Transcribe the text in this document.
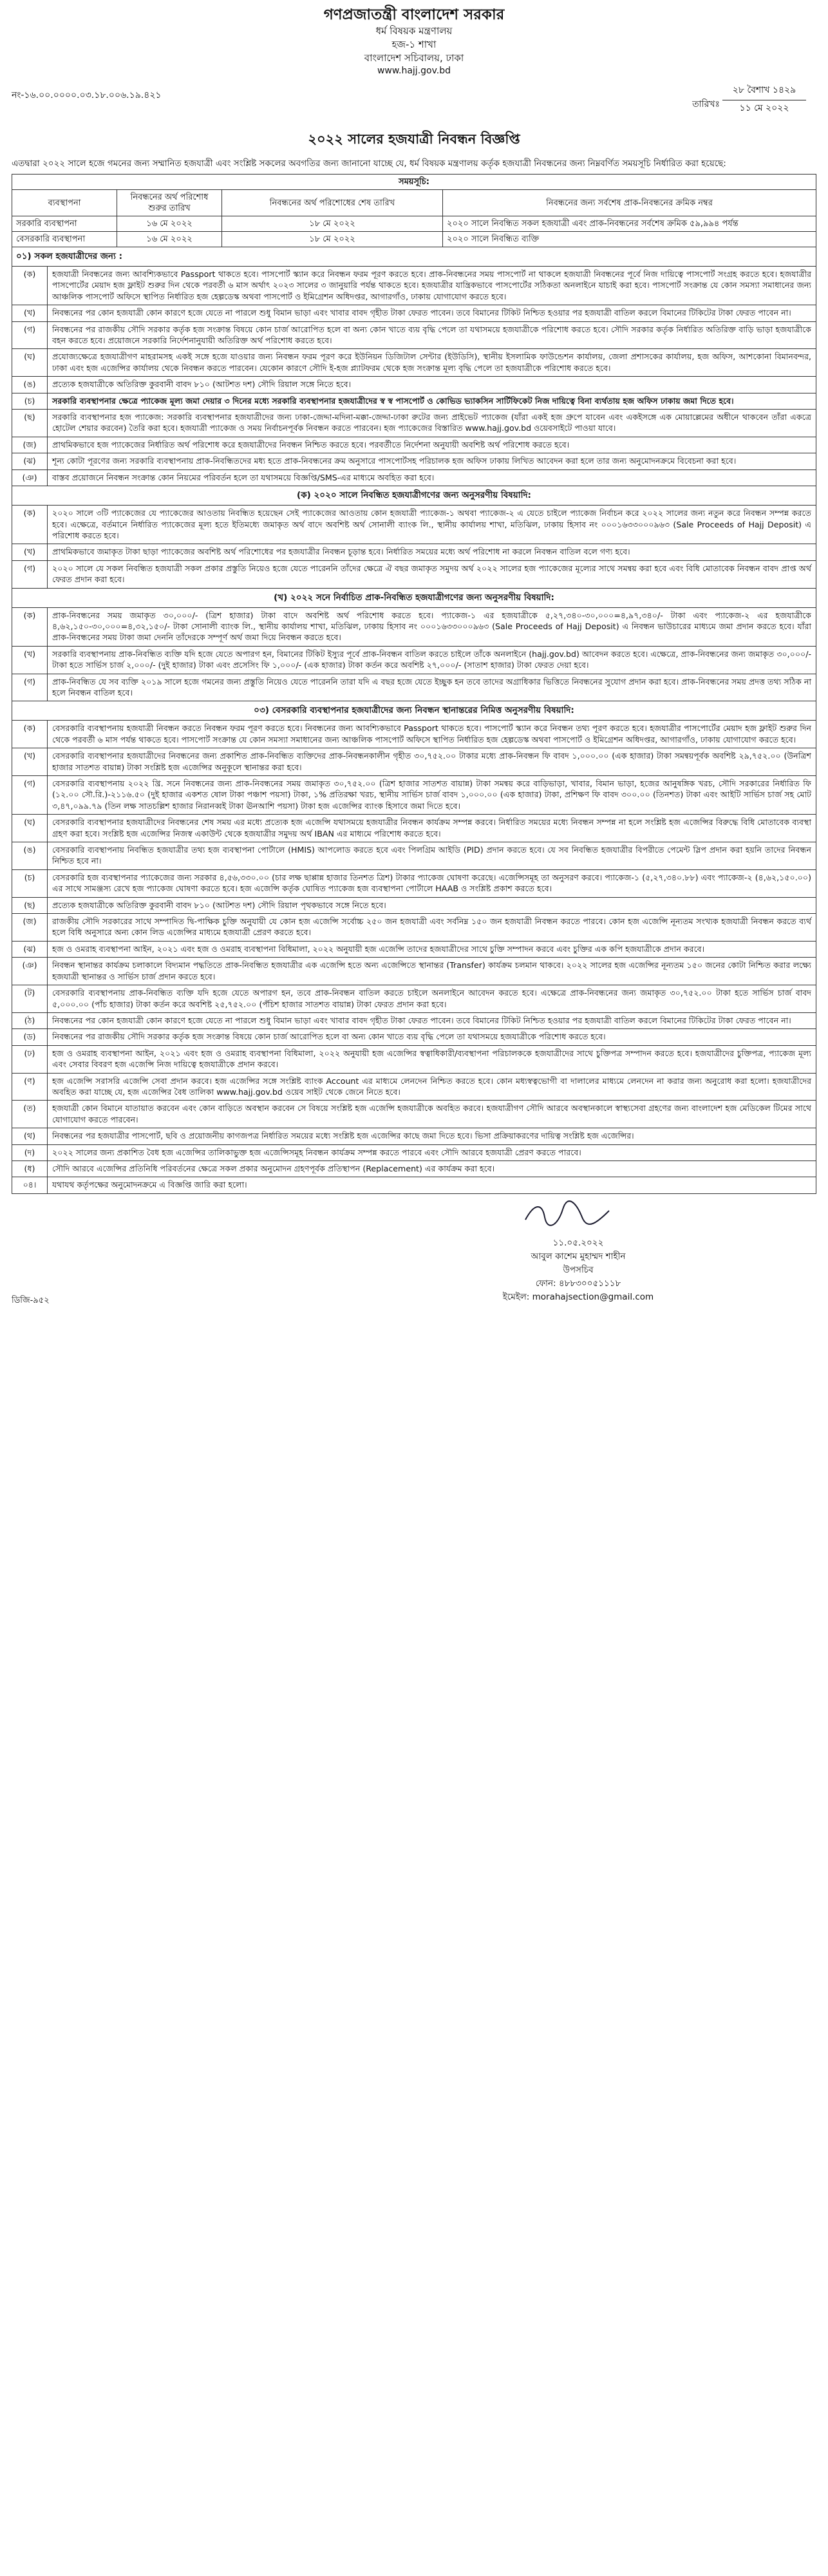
গণপ্রজাতন্ত্রী বাংলাদেশ সরকার
ধর্ম বিষয়ক মন্ত্রণালয়
হজ-১ শাখা
বাংলাদেশ সচিবালয়, ঢাকা
www.hajj.gov.bd
নং-১৬.০০.০০০০.০৩.১৮.০০৬.১৯.৪২১
তারিখঃ
২৮ বৈশাখ ১৪২৯
১১ মে ২০২২
২০২২ সালের হজযাত্রী নিবন্ধন বিজ্ঞপ্তি
এতদ্বারা ২০২২ সালে হজে গমনের জন্য সম্মানিত হজযাত্রী এবং সংশ্লিষ্ট সকলের অবগতির জন্য জানানো যাচ্ছে যে, ধর্ম বিষয়ক মন্ত্রণালয় কর্তৃক হজযাত্রী নিবন্ধনের জন্য নিম্নবর্ণিত সময়সূচি নির্ধারিত করা হয়েছে:
সময়সূচি:			
ব্যবস্থাপনা	নিবন্ধনের অর্থ পরিশোধ শুরুর তারিখ	নিবন্ধনের অর্থ পরিশোধের শেষ তারিখ	নিবন্ধনের জন্য সর্বশেষ প্রাক-নিবন্ধনের ক্রমিক নম্বর
সরকারি ব্যবস্থাপনা	১৬ মে ২০২২	১৮ মে ২০২২	২০২০ সালে নিবন্ধিত সকল হজযাত্রী এবং প্রাক-নিবন্ধনের সর্বশেষ ক্রমিক ৫৯,৯৯৪ পর্যন্ত
বেসরকারি ব্যবস্থাপনা	১৬ মে ২০২২	১৮ মে ২০২২	২০২০ সালে নিবন্ধিত ব্যক্তি
০১) সকল হজযাত্রীদের জন্য :
(ক)	হজযাত্রী নিবন্ধনের জন্য আবশ্যিকভাবে Passport থাকতে হবে। পাসপোর্ট স্ক্যান করে নিবন্ধন ফরম পূরণ করতে হবে। প্রাক-নিবন্ধনের সময় পাসপোর্ট না থাকলে হজযাত্রী নিবন্ধনের পূর্বে নিজ দায়িত্বে পাসপোর্ট সংগ্রহ করতে হবে। হজযাত্রীর পাসপোর্টের মেয়াদ হজ ফ্লাইট শুরুর দিন থেকে পরবর্তী ৬ মাস অর্থাৎ ২০২৩ সালের ৩ জানুয়ারি পর্যন্ত থাকতে হবে। হজযাত্রীর যান্ত্রিকভাবে পাসপোর্টের সঠিকতা অনলাইনে যাচাই করা হবে। পাসপোর্ট সংক্রান্ত যে কোন সমস্যা সমাধানের জন্য আঞ্চলিক পাসপোর্ট অফিসে স্থাপিত নির্ধারিত হজ হেল্পডেস্ক অথবা পাসপোর্ট ও ইমিগ্রেশন অধিদপ্তর, আগারগাঁও, ঢাকায় যোগাযোগ করতে হবে।
(খ)	নিবন্ধনের পর কোন হজযাত্রী কোন কারণে হজে যেতে না পারলে শুধু বিমান ভাড়া এবং খাবার বাবদ গৃহীত টাকা ফেরত পাবেন। তবে বিমানের টিকিট নিশ্চিত হওয়ার পর হজযাত্রী বাতিল করলে বিমানের টিকিটের টাকা ফেরত পাবেন না।
(গ)	নিবন্ধনের পর রাজকীয় সৌদি সরকার কর্তৃক হজ সংক্রান্ত বিষয়ে কোন চার্জ আরোপিত হলে বা অন্য কোন খাতে ব্যয় বৃদ্ধি পেলে তা যথাসময়ে হজযাত্রীকে পরিশোধ করতে হবে। সৌদি সরকার কর্তৃক নির্ধারিত অতিরিক্ত বাড়ি ভাড়া হজযাত্রীকে বহন করতে হবে। প্রয়োজনে সরকারি নির্দেশনানুযায়ী অতিরিক্ত অর্থ পরিশোধ করতে হবে।
(ঘ)	প্রযোজ্যক্ষেত্রে হজযাত্রীগণ মাহরামসহ একই সঙ্গে হজে যাওয়ার জন্য নিবন্ধন ফরম পূরণ করে ইউনিয়ন ডিজিটাল সেন্টার (ইউডিসি), স্থানীয় ইসলামিক ফাউন্ডেশন কার্যালয়, জেলা প্রশাসকের কার্যালয়, হজ অফিস, আশকোনা বিমানবন্দর, ঢাকা এবং হজ এজেন্সির কার্যালয় থেকে নিবন্ধন করতে পারবেন। যেকোন কারণে সৌদি ই-হজ প্ল্যাটফরম থেকে হজ সংক্রান্ত মূল্য বৃদ্ধি পেলে তা হজযাত্রীকে পরিশোধ করতে হবে।
(ঙ)	প্রত্যেক হজযাত্রীকে অতিরিক্ত কুরবানী বাবদ ৮১০ (আটশত দশ) সৌদি রিয়াল সঙ্গে নিতে হবে।
(চ)	সরকারি ব্যবস্থাপনার ক্ষেত্রে প্যাকেজ মূল্য জমা দেয়ার ৩ দিনের মধ্যে সরকারি ব্যবস্থাপনার হজযাত্রীদের স্ব স্ব পাসপোর্ট ও কোভিড ভ্যাকসিন সার্টিফিকেট নিজ দায়িত্বে বিনা ব্যর্থতায় হজ অফিস ঢাকায় জমা দিতে হবে।
(ছ)	সরকারি ব্যবস্থাপনার হজ প্যাকেজ: সরকারি ব্যবস্থাপনার হজযাত্রীদের জন্য ঢাকা-জেদ্দা-মদিনা-মক্কা-জেদ্দা-ঢাকা রুটের জন্য প্রাইভেট প্যাকেজ (যাঁরা একই হজ গ্রুপে যাবেন এবং একইসঙ্গে এক মোয়াল্লেমের অধীনে থাকবেন তাঁরা একত্রে হোটেল শেয়ার করবেন) তৈরি করা হবে। হজযাত্রী প্যাকেজ ও সময় নির্বাচনপূর্বক নিবন্ধন করতে পারবেন। হজ প্যাকেজের বিস্তারিত www.hajj.gov.bd ওয়েবসাইটে পাওয়া যাবে।
(জ)	প্রাথমিকভাবে হজ প্যাকেজের নির্ধারিত অর্থ পরিশোধ করে হজযাত্রীদের নিবন্ধন নিশ্চিত করতে হবে। পরবর্তীতে নির্দেশনা অনুযায়ী অবশিষ্ট অর্থ পরিশোধ করতে হবে।
(ঝ)	শূন্য কোটা পূরণের জন্য সরকারি ব্যবস্থাপনায় প্রাক-নিবন্ধিতদের মধ্য হতে প্রাক-নিবন্ধনের ক্রম অনুসারে পাসপোর্টসহ পরিচালক হজ অফিস ঢাকায় লিখিত আবেদন করা হলে তার জন্য অনুমোদনক্রমে বিবেচনা করা হবে।
(ঞ)	বাস্তব প্রয়োজনে নিবন্ধন সংক্রান্ত কোন নিয়মের পরিবর্তন হলে তা যথাসময়ে বিজ্ঞপ্তি/SMS-এর মাধ্যমে অবহিত করা হবে।
(ক) ২০২০ সালে নিবন্ধিত হজযাত্রীগণের জন্য অনুসরণীয় বিষয়াদি:
(ক)	২০২০ সালে ৩টি প্যাকেজের যে প্যাকেজের আওতায় নিবন্ধিত হয়েছেন সেই প্যাকেজের আওতায় কোন হজযাত্রী প্যাকেজ-১ অথবা প্যাকেজ-২ এ যেতে চাইলে প্যাকেজ নির্বাচন করে ২০২২ সালের জন্য নতুন করে নিবন্ধন সম্পন্ন করতে হবে। এক্ষেত্রে, বর্তমানে নির্ধারিত প্যাকেজের মূল্য হতে ইতিমধ্যে জমাকৃত অর্থ বাদে অবশিষ্ট অর্থ সোনালী ব্যাংক লি., স্থানীয় কার্যালয় শাখা, মতিঝিল, ঢাকায় হিসাব নং ০০০১৬৩৩০০০৯৬৩ (Sale Proceeds of Hajj Deposit) এ পরিশোধ করতে হবে।
(খ)	প্রাথমিকভাবে জমাকৃত টাকা ছাড়া প্যাকেজের অবশিষ্ট অর্থ পরিশোধের পর হজযাত্রীর নিবন্ধন চূড়ান্ত হবে। নির্ধারিত সময়ের মধ্যে অর্থ পরিশোধ না করলে নিবন্ধন বাতিল বলে গণ্য হবে।
(গ)	২০২০ সালে যে সকল নিবন্ধিত হজযাত্রী সকল প্রকার প্রস্তুতি নিয়েও হজে যেতে পারেননি তাঁদের ক্ষেত্রে ঐ বছর জমাকৃত সমুদয় অর্থ ২০২২ সালের হজ প্যাকেজের মূল্যের সাথে সমন্বয় করা হবে এবং বিধি মোতাবেক নিবন্ধন বাবদ প্রাপ্ত অর্থ ফেরত প্রদান করা হবে।
(খ) ২০২২ সনে নির্বাচিত প্রাক-নিবন্ধিত হজযাত্রীগণের জন্য অনুসরণীয় বিষয়াদি:
(ক)	প্রাক-নিবন্ধনের সময় জমাকৃত ৩০,০০০/- (ত্রিশ হাজার) টাকা বাদে অবশিষ্ট অর্থ পরিশোধ করতে হবে। প্যাকেজ-১ এর হজযাত্রীকে ৫,২৭,৩৪০-৩০,০০০=৪,৯৭,৩৪০/- টাকা এবং প্যাকেজ-২ এর হজযাত্রীকে ৪,৬২,১৫০-৩০,০০০=৪,৩২,১৫০/- টাকা সোনালী ব্যাংক লি., স্থানীয় কার্যালয় শাখা, মতিঝিল, ঢাকায় হিসাব নং ০০০১৬৩৩০০০৯৬৩ (Sale Proceeds of Hajj Deposit) এ নিবন্ধন ভাউচারের মাধ্যমে জমা প্রদান করতে হবে। যাঁরা প্রাক-নিবন্ধনের সময় টাকা জমা দেননি তাঁদেরকে সম্পূর্ণ অর্থ জমা দিয়ে নিবন্ধন করতে হবে।
(খ)	সরকারি ব্যবস্থাপনায় প্রাক-নিবন্ধিত ব্যক্তি যদি হজে যেতে অপারগ হন, বিমানের টিকিট ইস্যুর পূর্বে প্রাক-নিবন্ধন বাতিল করতে চাইলে তাঁকে অনলাইনে (hajj.gov.bd) আবেদন করতে হবে। এক্ষেত্রে, প্রাক-নিবন্ধনের জন্য জমাকৃত ৩০,০০০/- টাকা হতে সার্ভিস চার্জ ২,০০০/- (দুই হাজার) টাকা এবং প্রসেসিং ফি ১,০০০/- (এক হাজার) টাকা কর্তন করে অবশিষ্ট ২৭,০০০/- (সাতাশ হাজার) টাকা ফেরত দেয়া হবে।
(গ)	প্রাক-নিবন্ধিত যে সব ব্যক্তি ২০১৯ সালে হজে গমনের জন্য প্রস্তুতি নিয়েও যেতে পারেননি তারা যদি এ বছর হজে যেতে ইচ্ছুক হন তবে তাদের অগ্রাধিকার ভিত্তিতে নিবন্ধনের সুযোগ প্রদান করা হবে। প্রাক-নিবন্ধনের সময় প্রদত্ত তথ্য সঠিক না হলে নিবন্ধন বাতিল হবে।
০৩) বেসরকারি ব্যবস্থাপনার হজযাত্রীদের জন্য নিবন্ধন স্থানান্তরের নিমিত্ত অনুসরণীয় বিষয়াদি:
(ক)	বেসরকারি ব্যবস্থাপনায় হজযাত্রী নিবন্ধন করতে নিবন্ধন ফরম পূরণ করতে হবে। নিবন্ধনের জন্য আবশ্যিকভাবে Passport থাকতে হবে। পাসপোর্ট স্ক্যান করে নিবন্ধন তথ্য পূরণ করতে হবে। হজযাত্রীর পাসপোর্টের মেয়াদ হজ ফ্লাইট শুরুর দিন থেকে পরবর্তী ৬ মাস পর্যন্ত থাকতে হবে। পাসপোর্ট সংক্রান্ত যে কোন সমস্যা সমাধানের জন্য আঞ্চলিক পাসপোর্ট অফিসে স্থাপিত নির্ধারিত হজ হেল্পডেস্ক অথবা পাসপোর্ট ও ইমিগ্রেশন অধিদপ্তর, আগারগাঁও, ঢাকায় যোগাযোগ করতে হবে।
(খ)	বেসরকারি ব্যবস্থাপনার হজযাত্রীদের নিবন্ধনের জন্য প্রকাশিত প্রাক-নিবন্ধিত ব্যক্তিদের প্রাক-নিবন্ধনকালীন গৃহীত ৩০,৭৫২.০০ টাকার মধ্যে প্রাক-নিবন্ধন ফি বাবদ ১,০০০.০০ (এক হাজার) টাকা সমন্বয়পূর্বক অবশিষ্ট ২৯,৭৫২.০০ (উনত্রিশ হাজার সাতশত বায়ান্ন) টাকা সংশ্লিষ্ট হজ এজেন্সির অনুকূলে স্থানান্তর করা হবে।
(গ)	বেসরকারি ব্যবস্থাপনায় ২০২২ খ্রি. সনে নিবন্ধনের জন্য প্রাক-নিবন্ধনের সময় জমাকৃত ৩০,৭৫২.০০ (ত্রিশ হাজার সাতশত বায়ান্ন) টাকা সমন্বয় করে বাড়িভাড়া, খাবার, বিমান ভাড়া, হজের আনুষঙ্গিক খরচ, সৌদি সরকারের নির্ধারিত ফি (১২.০০ সৌ.রি.)-২১১৬.৫০ (দুই হাজার একশত ষোল টাকা পঞ্চাশ পয়সা) টাকা, ১% প্রতিরক্ষা খরচ, স্থানীয় সার্ভিস চার্জ বাবদ ১,০০০.০০ (এক হাজার) টাকা, প্রশিক্ষণ ফি বাবদ ৩০০.০০ (তিনশত) টাকা এবং আইটি সার্ভিস চার্জ সহ মোট ৩,৪৭,০৯৯.৭৯ (তিন লক্ষ সাতচল্লিশ হাজার নিরানব্বই টাকা ঊনআশি পয়সা) টাকা হজ এজেন্সির ব্যাংক হিসাবে জমা দিতে হবে।
(ঘ)	বেসরকারি ব্যবস্থাপনার হজযাত্রীদের নিবন্ধনের শেষ সময় এর মধ্যে প্রত্যেক হজ এজেন্সি যথাসময়ে হজযাত্রীর নিবন্ধন কার্যক্রম সম্পন্ন করবে। নির্ধারিত সময়ের মধ্যে নিবন্ধন সম্পন্ন না হলে সংশ্লিষ্ট হজ এজেন্সির বিরুদ্ধে বিধি মোতাবেক ব্যবস্থা গ্রহণ করা হবে। সংশ্লিষ্ট হজ এজেন্সির নিজস্ব একাউন্ট থেকে হজযাত্রীর সমুদয় অর্থ IBAN এর মাধ্যমে পরিশোধ করতে হবে।
(ঙ)	বেসরকারি ব্যবস্থাপনায় নিবন্ধিত হজযাত্রীর তথ্য হজ ব্যবস্থাপনা পোর্টালে (HMIS) আপলোড করতে হবে এবং পিলগ্রিম আইডি (PID) প্রদান করতে হবে। যে সব নিবন্ধিত হজযাত্রীর বিপরীতে পেমেন্ট স্লিপ প্রদান করা হয়নি তাদের নিবন্ধন নিশ্চিত হবে না।
(চ)	বেসরকারি হজ ব্যবস্থাপনার প্যাকেজের জন্য সরকার ৪,৫৬,৩৩০.০০ (চার লক্ষ ছাপ্পান্ন হাজার তিনশত ত্রিশ) টাকার প্যাকেজ ঘোষণা করেছে। এজেন্সিসমূহ তা অনুসরণ করবে। প্যাকেজ-১ (৫,২৭,৩৪০.৮৮) এবং প্যাকেজ-২ (৪,৬২,১৫০.০০) এর সাথে সামঞ্জস্য রেখে হজ প্যাকেজ ঘোষণা করতে হবে। হজ এজেন্সি কর্তৃক ঘোষিত প্যাকেজ হজ ব্যবস্থাপনা পোর্টালে HAAB ও সংশ্লিষ্ট প্রকাশ করতে হবে।
(ছ)	প্রত্যেক হজযাত্রীকে অতিরিক্ত কুরবানী বাবদ ৮১০ (আটশত দশ) সৌদি রিয়াল পৃথকভাবে সঙ্গে নিতে হবে।
(জ)	রাজকীয় সৌদি সরকারের সাথে সম্পাদিত দ্বি-পাক্ষিক চুক্তি অনুযায়ী যে কোন হজ এজেন্সি সর্বোচ্চ ২৫০ জন হজযাত্রী এবং সর্বনিম্ন ১৫০ জন হজযাত্রী নিবন্ধন করতে পারবে। কোন হজ এজেন্সি নূন্যতম সংখ্যক হজযাত্রী নিবন্ধন করতে ব্যর্থ হলে বিধি অনুসারে অন্য কোন লিড এজেন্সির মাধ্যমে হজযাত্রী প্রেরণ করতে হবে।
(ঝ)	হজ ও ওমরাহ ব্যবস্থাপনা আইন, ২০২১ এবং হজ ও ওমরাহ ব্যবস্থাপনা বিধিমালা, ২০২২ অনুযায়ী হজ এজেন্সি তাদের হজযাত্রীদের সাথে চুক্তি সম্পাদন করবে এবং চুক্তির এক কপি হজযাত্রীকে প্রদান করবে।
(ঞ)	নিবন্ধন স্থানান্তর কার্যক্রম চলাকালে বিদ্যমান পদ্ধতিতে প্রাক-নিবন্ধিত হজযাত্রীর এক এজেন্সি হতে অন্য এজেন্সিতে স্থানান্তর (Transfer) কার্যক্রম চলমান থাকবে। ২০২২ সালের হজ এজেন্সির নূন্যতম ১৫০ জনের কোটা নিশ্চিত করার লক্ষ্যে হজযাত্রী স্থানান্তর ও সার্ভিস চার্জ প্রদান করতে হবে।
(ট)	বেসরকারি ব্যবস্থাপনায় প্রাক-নিবন্ধিত ব্যক্তি যদি হজে যেতে অপারগ হন, তবে প্রাক-নিবন্ধন বাতিল করতে চাইলে অনলাইনে আবেদন করতে হবে। এক্ষেত্রে প্রাক-নিবন্ধনের জন্য জমাকৃত ৩০,৭৫২.০০ টাকা হতে সার্ভিস চার্জ বাবদ ৫,০০০.০০ (পাঁচ হাজার) টাকা কর্তন করে অবশিষ্ট ২৫,৭৫২.০০ (পঁচিশ হাজার সাতশত বায়ান্ন) টাকা ফেরত প্রদান করা হবে।
(ঠ)	নিবন্ধনের পর কোন হজযাত্রী কোন কারণে হজে যেতে না পারলে শুধু বিমান ভাড়া এবং খাবার বাবদ গৃহীত টাকা ফেরত পাবেন। তবে বিমানের টিকিট নিশ্চিত হওয়ার পর হজযাত্রী বাতিল করলে বিমানের টিকিটের টাকা ফেরত পাবেন না।
(ড)	নিবন্ধনের পর রাজকীয় সৌদি সরকার কর্তৃক হজ সংক্রান্ত বিষয়ে কোন চার্জ আরোপিত হলে বা অন্য কোন খাতে ব্যয় বৃদ্ধি পেলে তা যথাসময়ে হজযাত্রীকে পরিশোধ করতে হবে।
(ঢ)	হজ ও ওমরাহ ব্যবস্থাপনা আইন, ২০২১ এবং হজ ও ওমরাহ ব্যবস্থাপনা বিধিমালা, ২০২২ অনুযায়ী হজ এজেন্সির স্বত্বাধিকারী/ব্যবস্থাপনা পরিচালককে হজযাত্রীদের সাথে চুক্তিপত্র সম্পাদন করতে হবে। হজযাত্রীদের চুক্তিপত্র, প্যাকেজ মূল্য এবং সেবার বিবরণ হজ এজেন্সি নিজ দায়িত্বে হজযাত্রীকে প্রদান করবে।
(ণ)	হজ এজেন্সি সরাসরি এজেন্সি সেবা প্রদান করবে। হজ এজেন্সির সঙ্গে সংশ্লিষ্ট ব্যাংক Account এর মাধ্যমে লেনদেন নিশ্চিত করতে হবে। কোন মধ্যস্বত্বভোগী বা দালালের মাধ্যমে লেনদেন না করার জন্য অনুরোধ করা হলো। হজযাত্রীদের অবহিত করা যাচ্ছে যে, হজ এজেন্সির বৈধ তালিকা www.hajj.gov.bd ওয়েব সাইট থেকে জেনে নিতে হবে।
(ত)	হজযাত্রী কোন বিমানে যাতায়াত করবেন এবং কোন বাড়িতে অবস্থান করবেন সে বিষয়ে সংশ্লিষ্ট হজ এজেন্সি হজযাত্রীকে অবহিত করবে। হজযাত্রীগণ সৌদি আরবে অবস্থানকালে স্বাস্থ্যসেবা গ্রহণের জন্য বাংলাদেশ হজ মেডিকেল টিমের সাথে যোগাযোগ করতে পারবেন।
(থ)	নিবন্ধনের পর হজযাত্রীর পাসপোর্ট, ছবি ও প্রয়োজনীয় কাগজপত্র নির্ধারিত সময়ের মধ্যে সংশ্লিষ্ট হজ এজেন্সির কাছে জমা দিতে হবে। ভিসা প্রক্রিয়াকরণের দায়িত্ব সংশ্লিষ্ট হজ এজেন্সির।
(দ)	২০২২ সালের জন্য প্রকাশিত বৈধ হজ এজেন্সির তালিকাভুক্ত হজ এজেন্সিসমূহ নিবন্ধন কার্যক্রম সম্পন্ন করতে পারবে এবং সৌদি আরবে হজযাত্রী প্রেরণ করতে পারবে।
(ধ)	সৌদি আরবে এজেন্সির প্রতিনিধি পরিবর্তনের ক্ষেত্রে সকল প্রকার অনুমোদন গ্রহণপূর্বক প্রতিস্থাপন (Replacement) এর কার্যক্রম করা হবে।
০৪।	যথাযথ কর্তৃপক্ষের অনুমোদনক্রমে এ বিজ্ঞপ্তি জারি করা হলো।
১১.০৫.২০২২
আবুল কাশেম মুহাম্মদ শাহীন
উপসচিব
ফোন: ৪৮৮৩০০৫১১১৮
ইমেইল: morahajsection@gmail.com
ডিজি-৯৫২
